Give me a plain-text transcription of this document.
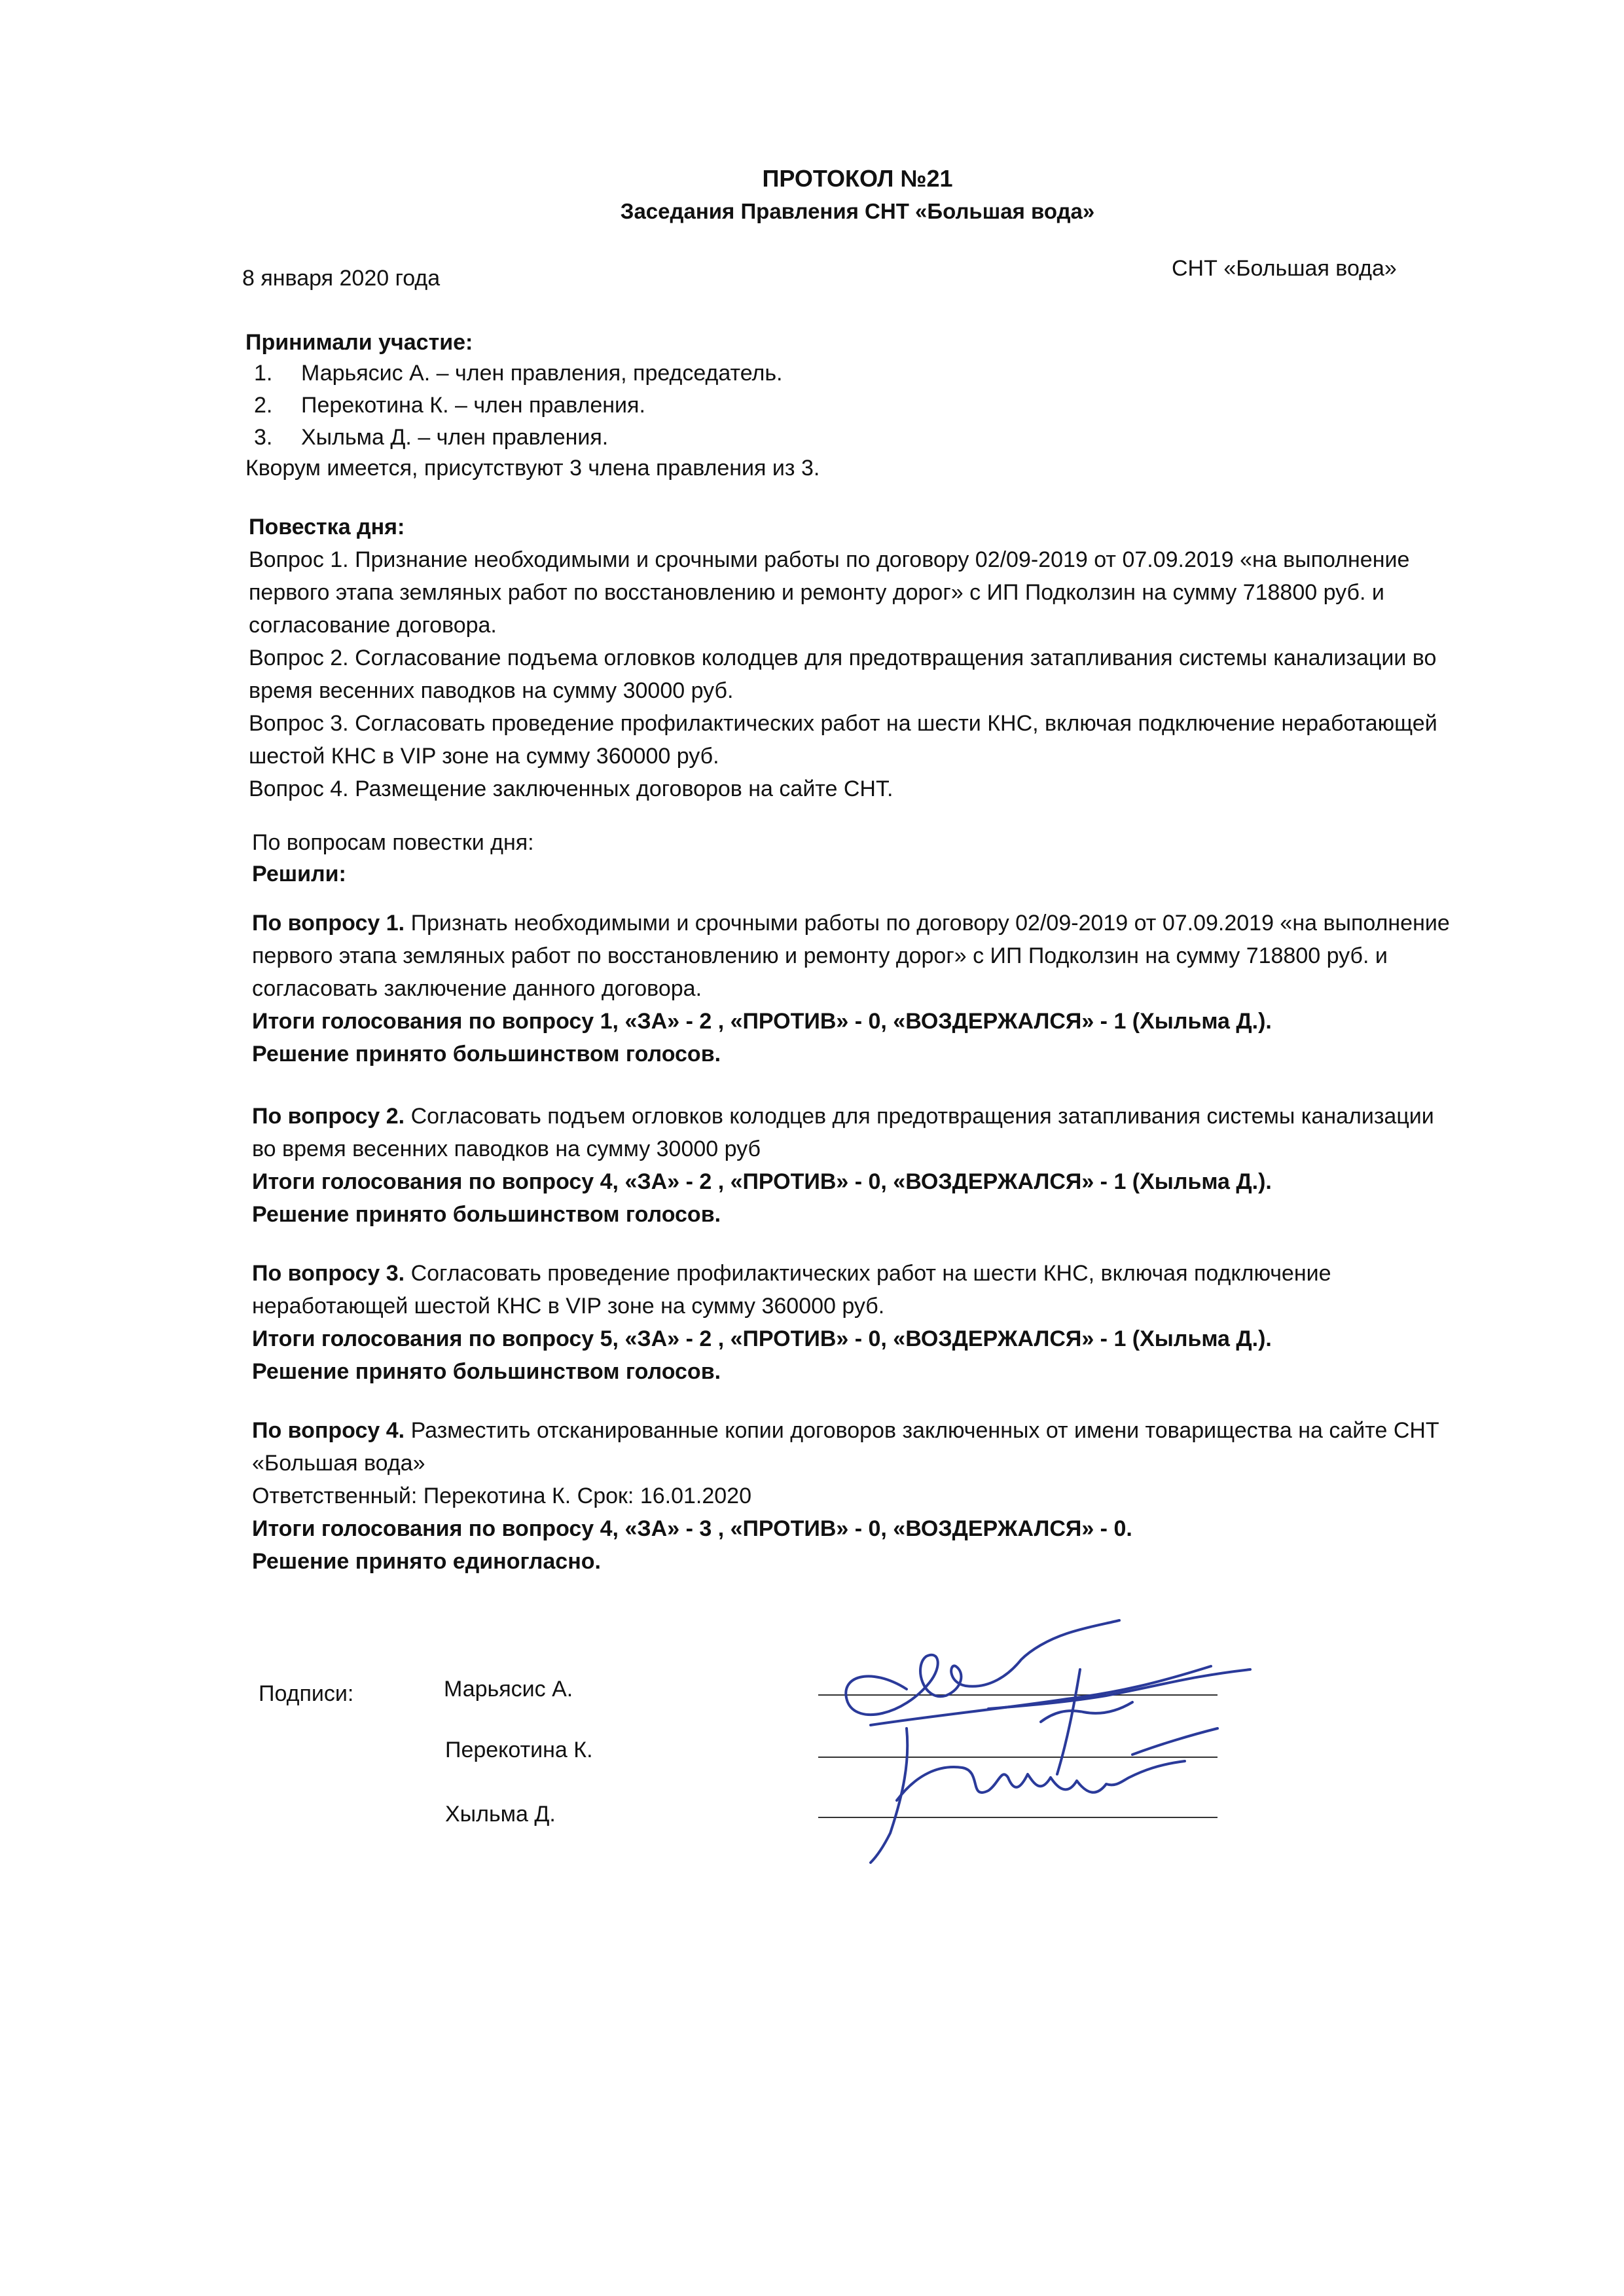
ПРОТОКОЛ №21
Заседания Правления СНТ «Большая вода»
8 января 2020 года	СНТ «Большая вода»
Принимали участие:
1. Марьясис А. – член правления, председатель.
2. Перекотина К. – член правления.
3. Хыльма Д. – член правления.
Кворум имеется, присутствуют 3 члена правления из 3.

Повестка дня:

Вопрос 1. Признание необходимыми и срочными работы по договору 02/09-2019 от 07.09.2019 «на выполнение первого этапа земляных работ по восстановлению и ремонту дорог» с ИП Подколзин на сумму 718800 руб. и согласование договора.

Вопрос 2. Согласование подъема огловков колодцев для предотвращения затапливания системы канализации во время весенних паводков на сумму 30000 руб.

Вопрос 3. Согласовать проведение профилактических работ на шести КНС, включая подключение неработающей шестой КНС в VIP зоне на сумму 360000 руб.

Вопрос 4. Размещение заключенных договоров на сайте СНТ.

По вопросам повестки дня:
Решили:

По вопросу 1. Признать необходимыми и срочными работы по договору 02/09-2019 от 07.09.2019 «на выполнение первого этапа земляных работ по восстановлению и ремонту дорог» с ИП Подколзин на сумму 718800 руб. и согласовать заключение данного договора.

Итоги голосования по вопросу 1, «ЗА» - 2 , «ПРОТИВ» - 0, «ВОЗДЕРЖАЛСЯ» - 1 (Хыльма Д.).

Решение принято большинством голосов.

По вопросу 2. Согласовать подъем огловков колодцев для предотвращения затапливания системы канализации во время весенних паводков на сумму 30000 руб

Итоги голосования по вопросу 4, «ЗА» - 2 , «ПРОТИВ» - 0, «ВОЗДЕРЖАЛСЯ» - 1 (Хыльма Д.).

Решение принято большинством голосов.

По вопросу 3. Согласовать проведение профилактических работ на шести КНС, включая подключение неработающей шестой КНС в VIP зоне на сумму 360000 руб.

Итоги голосования по вопросу 5, «ЗА» - 2 , «ПРОТИВ» - 0, «ВОЗДЕРЖАЛСЯ» - 1 (Хыльма Д.).

Решение принято большинством голосов.

По вопросу 4. Разместить отсканированные копии договоров заключенных от имени товарищества на сайте СНТ «Большая вода»

Ответственный: Перекотина К. Срок: 16.01.2020

Итоги голосования по вопросу 4, «ЗА» - 3 , «ПРОТИВ» - 0, «ВОЗДЕРЖАЛСЯ» - 0.

Решение принято единогласно.

Подписи:	Марьясис А.
Перекотина К.
Хыльма Д.
